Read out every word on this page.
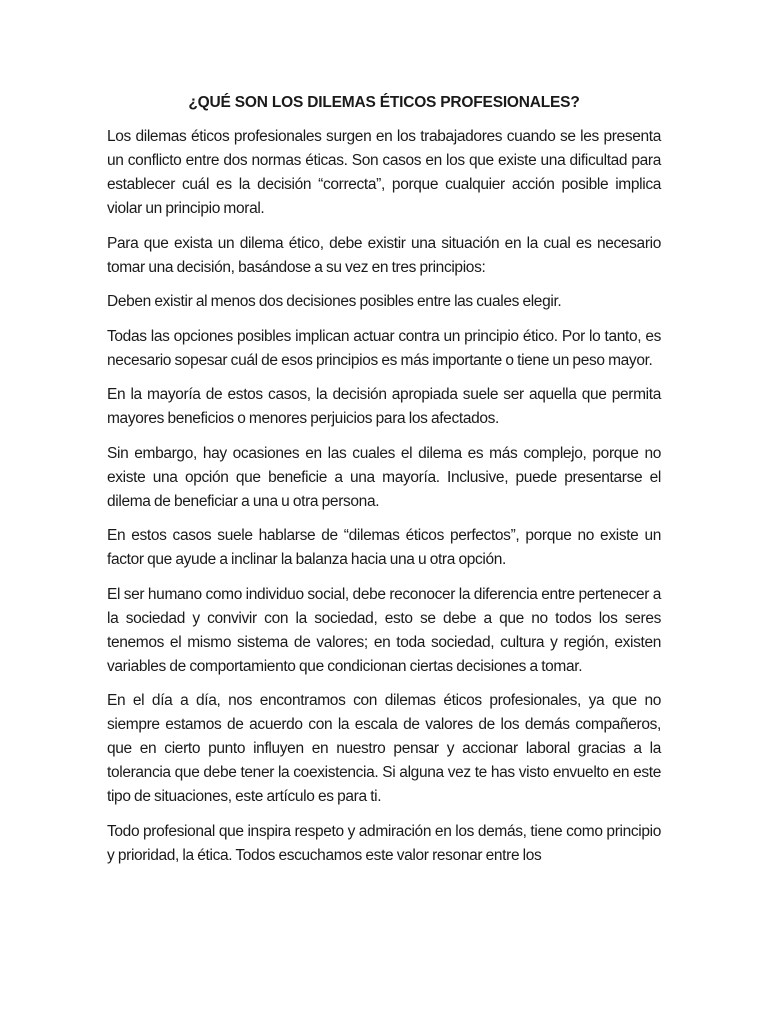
¿QUÉ SON LOS DILEMAS ÉTICOS PROFESIONALES?

Los dilemas éticos profesionales surgen en los trabajadores cuando se les presenta un conflicto entre dos normas éticas. Son casos en los que existe una dificultad para establecer cuál es la decisión “correcta”, porque cualquier acción posible implica violar un principio moral.

Para que exista un dilema ético, debe existir una situación en la cual es necesario tomar una decisión, basándose a su vez en tres principios:

Deben existir al menos dos decisiones posibles entre las cuales elegir.

Todas las opciones posibles implican actuar contra un principio ético. Por lo tanto, es necesario sopesar cuál de esos principios es más importante o tiene un peso mayor.

En la mayoría de estos casos, la decisión apropiada suele ser aquella que permita mayores beneficios o menores perjuicios para los afectados.

Sin embargo, hay ocasiones en las cuales el dilema es más complejo, porque no existe una opción que beneficie a una mayoría. Inclusive, puede presentarse el dilema de beneficiar a una u otra persona.

En estos casos suele hablarse de “dilemas éticos perfectos”, porque no existe un factor que ayude a inclinar la balanza hacia una u otra opción.

El ser humano como individuo social, debe reconocer la diferencia entre pertenecer a la sociedad y convivir con la sociedad, esto se debe a que no todos los seres tenemos el mismo sistema de valores; en toda sociedad, cultura y región, existen variables de comportamiento que condicionan ciertas decisiones a tomar.

En el día a día, nos encontramos con dilemas éticos profesionales, ya que no siempre estamos de acuerdo con la escala de valores de los demás compañeros, que en cierto punto influyen en nuestro pensar y accionar laboral gracias a la tolerancia que debe tener la coexistencia. Si alguna vez te has visto envuelto en este tipo de situaciones, este artículo es para ti.

Todo profesional que inspira respeto y admiración en los demás, tiene como principio y prioridad, la ética. Todos escuchamos este valor resonar entre los
